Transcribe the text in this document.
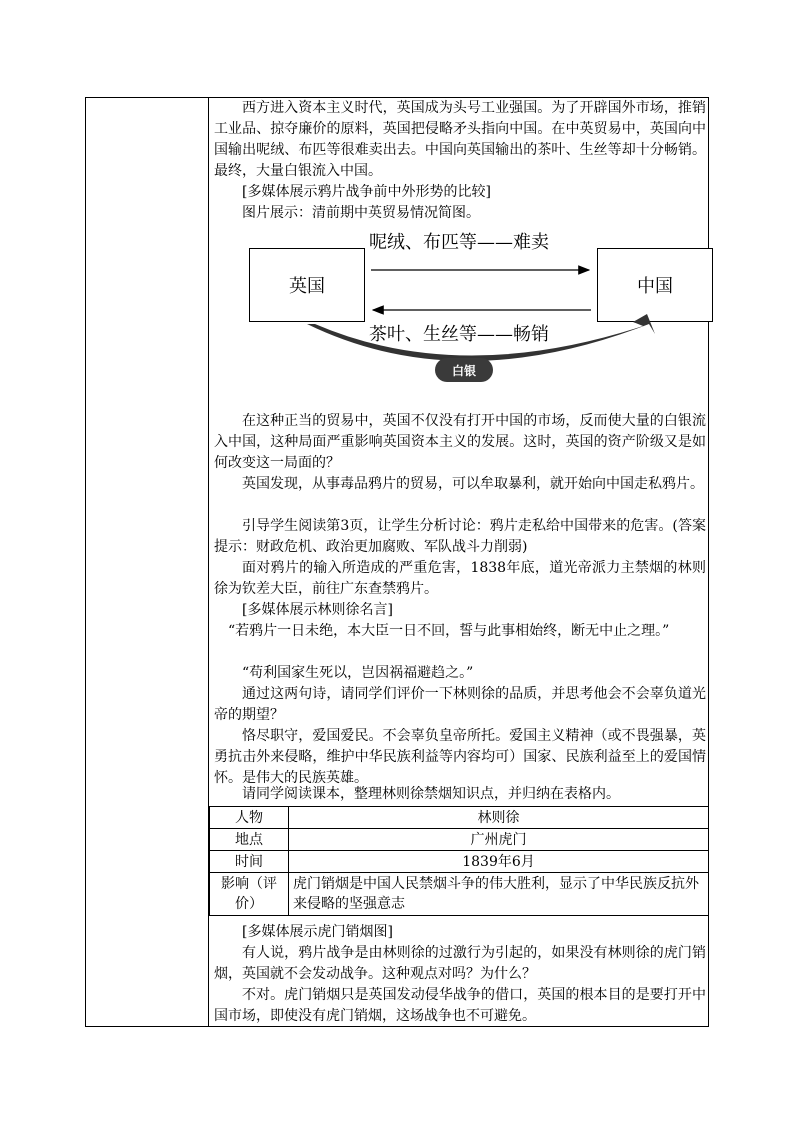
西方进入资本主义时代，英国成为头号工业强国。为了开辟国外市场，推销工业品、掠夺廉价的原料，英国把侵略矛头指向中国。在中英贸易中，英国向中国输出呢绒、布匹等很难卖出去。中国向英国输出的茶叶、生丝等却十分畅销。最终，大量白银流入中国。
[多媒体展示鸦片战争前中外形势的比较]
图片展示：清前期中英贸易情况简图。
英国	中国
呢绒、布匹等——难卖
茶叶、生丝等——畅销
白银
在这种正当的贸易中，英国不仅没有打开中国的市场，反而使大量的白银流入中国，这种局面严重影响英国资本主义的发展。这时，英国的资产阶级又是如何改变这一局面的？
英国发现，从事毒品鸦片的贸易，可以牟取暴利，就开始向中国走私鸦片。
引导学生阅读第3页，让学生分析讨论：鸦片走私给中国带来的危害。(答案提示：财政危机、政治更加腐败、军队战斗力削弱)
面对鸦片的输入所造成的严重危害，1838年底，道光帝派力主禁烟的林则徐为钦差大臣，前往广东查禁鸦片。
[多媒体展示林则徐名言]
“若鸦片一日未绝，本大臣一日不回，誓与此事相始终，断无中止之理。”
“苟利国家生死以，岂因祸福避趋之。”
通过这两句诗，请同学们评价一下林则徐的品质，并思考他会不会辜负道光帝的期望？
恪尽职守，爱国爱民。不会辜负皇帝所托。爱国主义精神（或不畏强暴，英勇抗击外来侵略，维护中华民族利益等内容均可）国家、民族利益至上的爱国情怀。是伟大的民族英雄。
请同学阅读课本，整理林则徐禁烟知识点，并归纳在表格内。
人物	林则徐
地点	广州虎门
时间	1839年6月
影响（评价）	虎门销烟是中国人民禁烟斗争的伟大胜利，显示了中华民族反抗外来侵略的坚强意志
[多媒体展示虎门销烟图]
有人说，鸦片战争是由林则徐的过激行为引起的，如果没有林则徐的虎门销烟，英国就不会发动战争。这种观点对吗？为什么？
不对。虎门销烟只是英国发动侵华战争的借口，英国的根本目的是要打开中国市场，即使没有虎门销烟，这场战争也不可避免。
